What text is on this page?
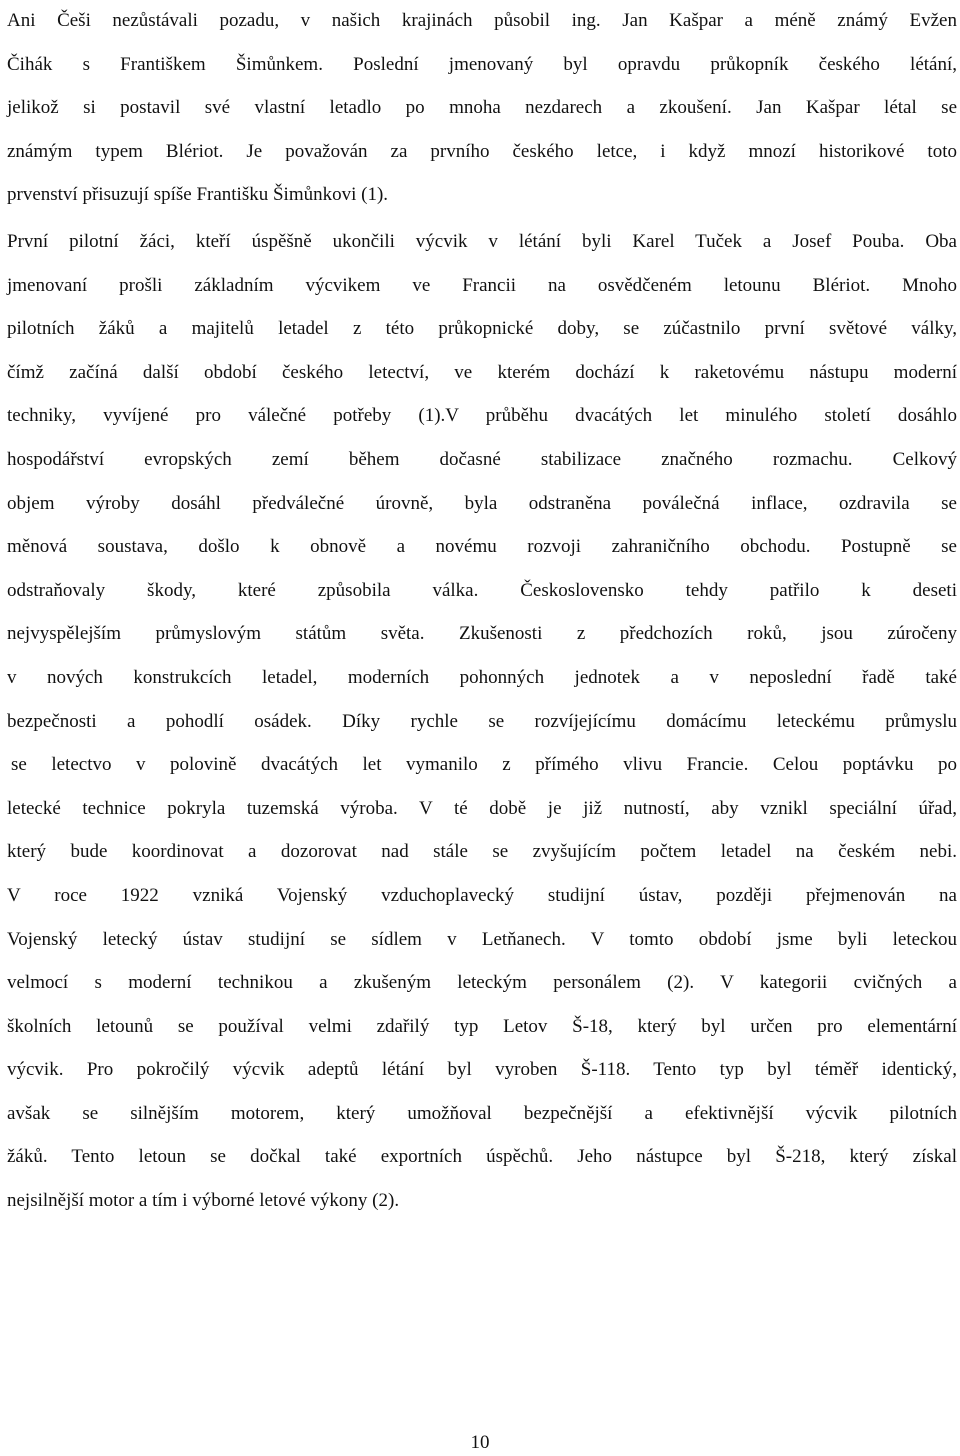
Ani Češi nezůstávali pozadu, v našich krajinách působil ing. Jan Kašpar a méně známý Evžen
Čihák s Františkem Šimůnkem. Poslední jmenovaný byl opravdu průkopník českého létání,
jelikož si postavil své vlastní letadlo po mnoha nezdarech a zkoušení. Jan Kašpar létal se
známým typem Blériot. Je považován za prvního českého letce, i když mnozí historikové toto
prvenství přisuzují spíše Františku Šimůnkovi (1).
První pilotní žáci, kteří úspěšně ukončili výcvik v létání byli Karel Tuček a Josef Pouba. Oba
jmenovaní prošli základním výcvikem ve Francii na osvědčeném letounu Blériot. Mnoho
pilotních žáků a majitelů letadel z této průkopnické doby, se zúčastnilo první světové války,
čímž začíná další období českého letectví, ve kterém dochází k raketovému nástupu moderní
techniky, vyvíjené pro válečné potřeby (1).V průběhu dvacátých let minulého století dosáhlo
hospodářství evropských zemí během dočasné stabilizace značného rozmachu. Celkový
objem výroby dosáhl předválečné úrovně, byla odstraněna poválečná inflace, ozdravila se
měnová soustava, došlo k obnově a novému rozvoji zahraničního obchodu. Postupně se
odstraňovaly škody, které způsobila válka. Československo tehdy patřilo k deseti
nejvyspělejším průmyslovým státům světa. Zkušenosti z předchozích roků, jsou zúročeny
v nových konstrukcích letadel, moderních pohonných jednotek a v neposlední řadě také
bezpečnosti a pohodlí osádek. Díky rychle se rozvíjejícímu domácímu leteckému průmyslu
se letectvo v polovině dvacátých let vymanilo z přímého vlivu Francie. Celou poptávku po
letecké technice pokryla tuzemská výroba. V té době je již nutností, aby vznikl speciální úřad,
který bude koordinovat a dozorovat nad stále se zvyšujícím počtem letadel na českém nebi.
V roce 1922 vzniká Vojenský vzduchoplavecký studijní ústav, později přejmenován na
Vojenský letecký ústav studijní se sídlem v Letňanech. V tomto období jsme byli leteckou
velmocí s moderní technikou a zkušeným leteckým personálem (2). V kategorii cvičných a
školních letounů se používal velmi zdařilý typ Letov Š-18, který byl určen pro elementární
výcvik. Pro pokročilý výcvik adeptů létání byl vyroben Š-118. Tento typ byl téměř identický,
avšak se silnějším motorem, který umožňoval bezpečnější a efektivnější výcvik pilotních
žáků. Tento letoun se dočkal také exportních úspěchů. Jeho nástupce byl Š-218, který získal
nejsilnější motor a tím i výborné letové výkony (2).
10
